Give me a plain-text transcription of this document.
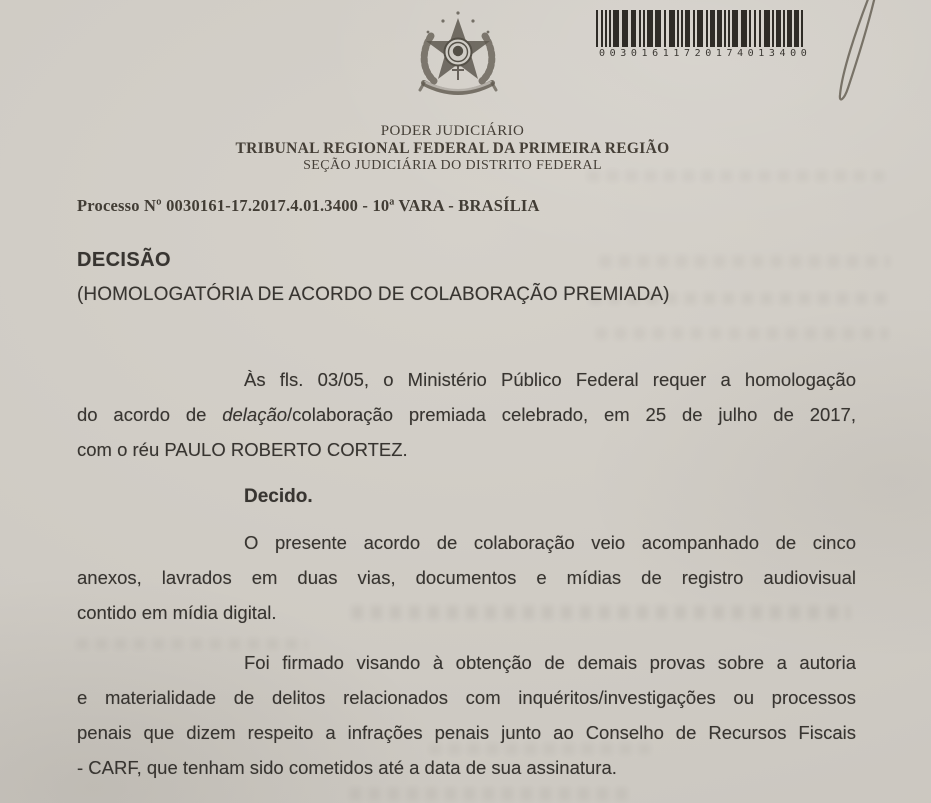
00301611720174013400
PODER JUDICIÁRIO
TRIBUNAL REGIONAL FEDERAL DA PRIMEIRA REGIÃO
SEÇÃO JUDICIÁRIA DO DISTRITO FEDERAL
Processo Nº 0030161-17.2017.4.01.3400 - 10ª VARA - BRASÍLIA
DECISÃO
(HOMOLOGATÓRIA DE ACORDO DE COLABORAÇÃO PREMIADA)
Às fls. 03/05, o Ministério Público Federal requer a homologação
do acordo de delação/colaboração premiada celebrado, em 25 de julho de 2017,
com o réu PAULO ROBERTO CORTEZ.
Decido.
O presente acordo de colaboração veio acompanhado de cinco
anexos, lavrados em duas vias, documentos e mídias de registro audiovisual
contido em mídia digital.
Foi firmado visando à obtenção de demais provas sobre a autoria
e materialidade de delitos relacionados com inquéritos/investigações ou processos
penais que dizem respeito a infrações penais junto ao Conselho de Recursos Fiscais
- CARF, que tenham sido cometidos até a data de sua assinatura.
